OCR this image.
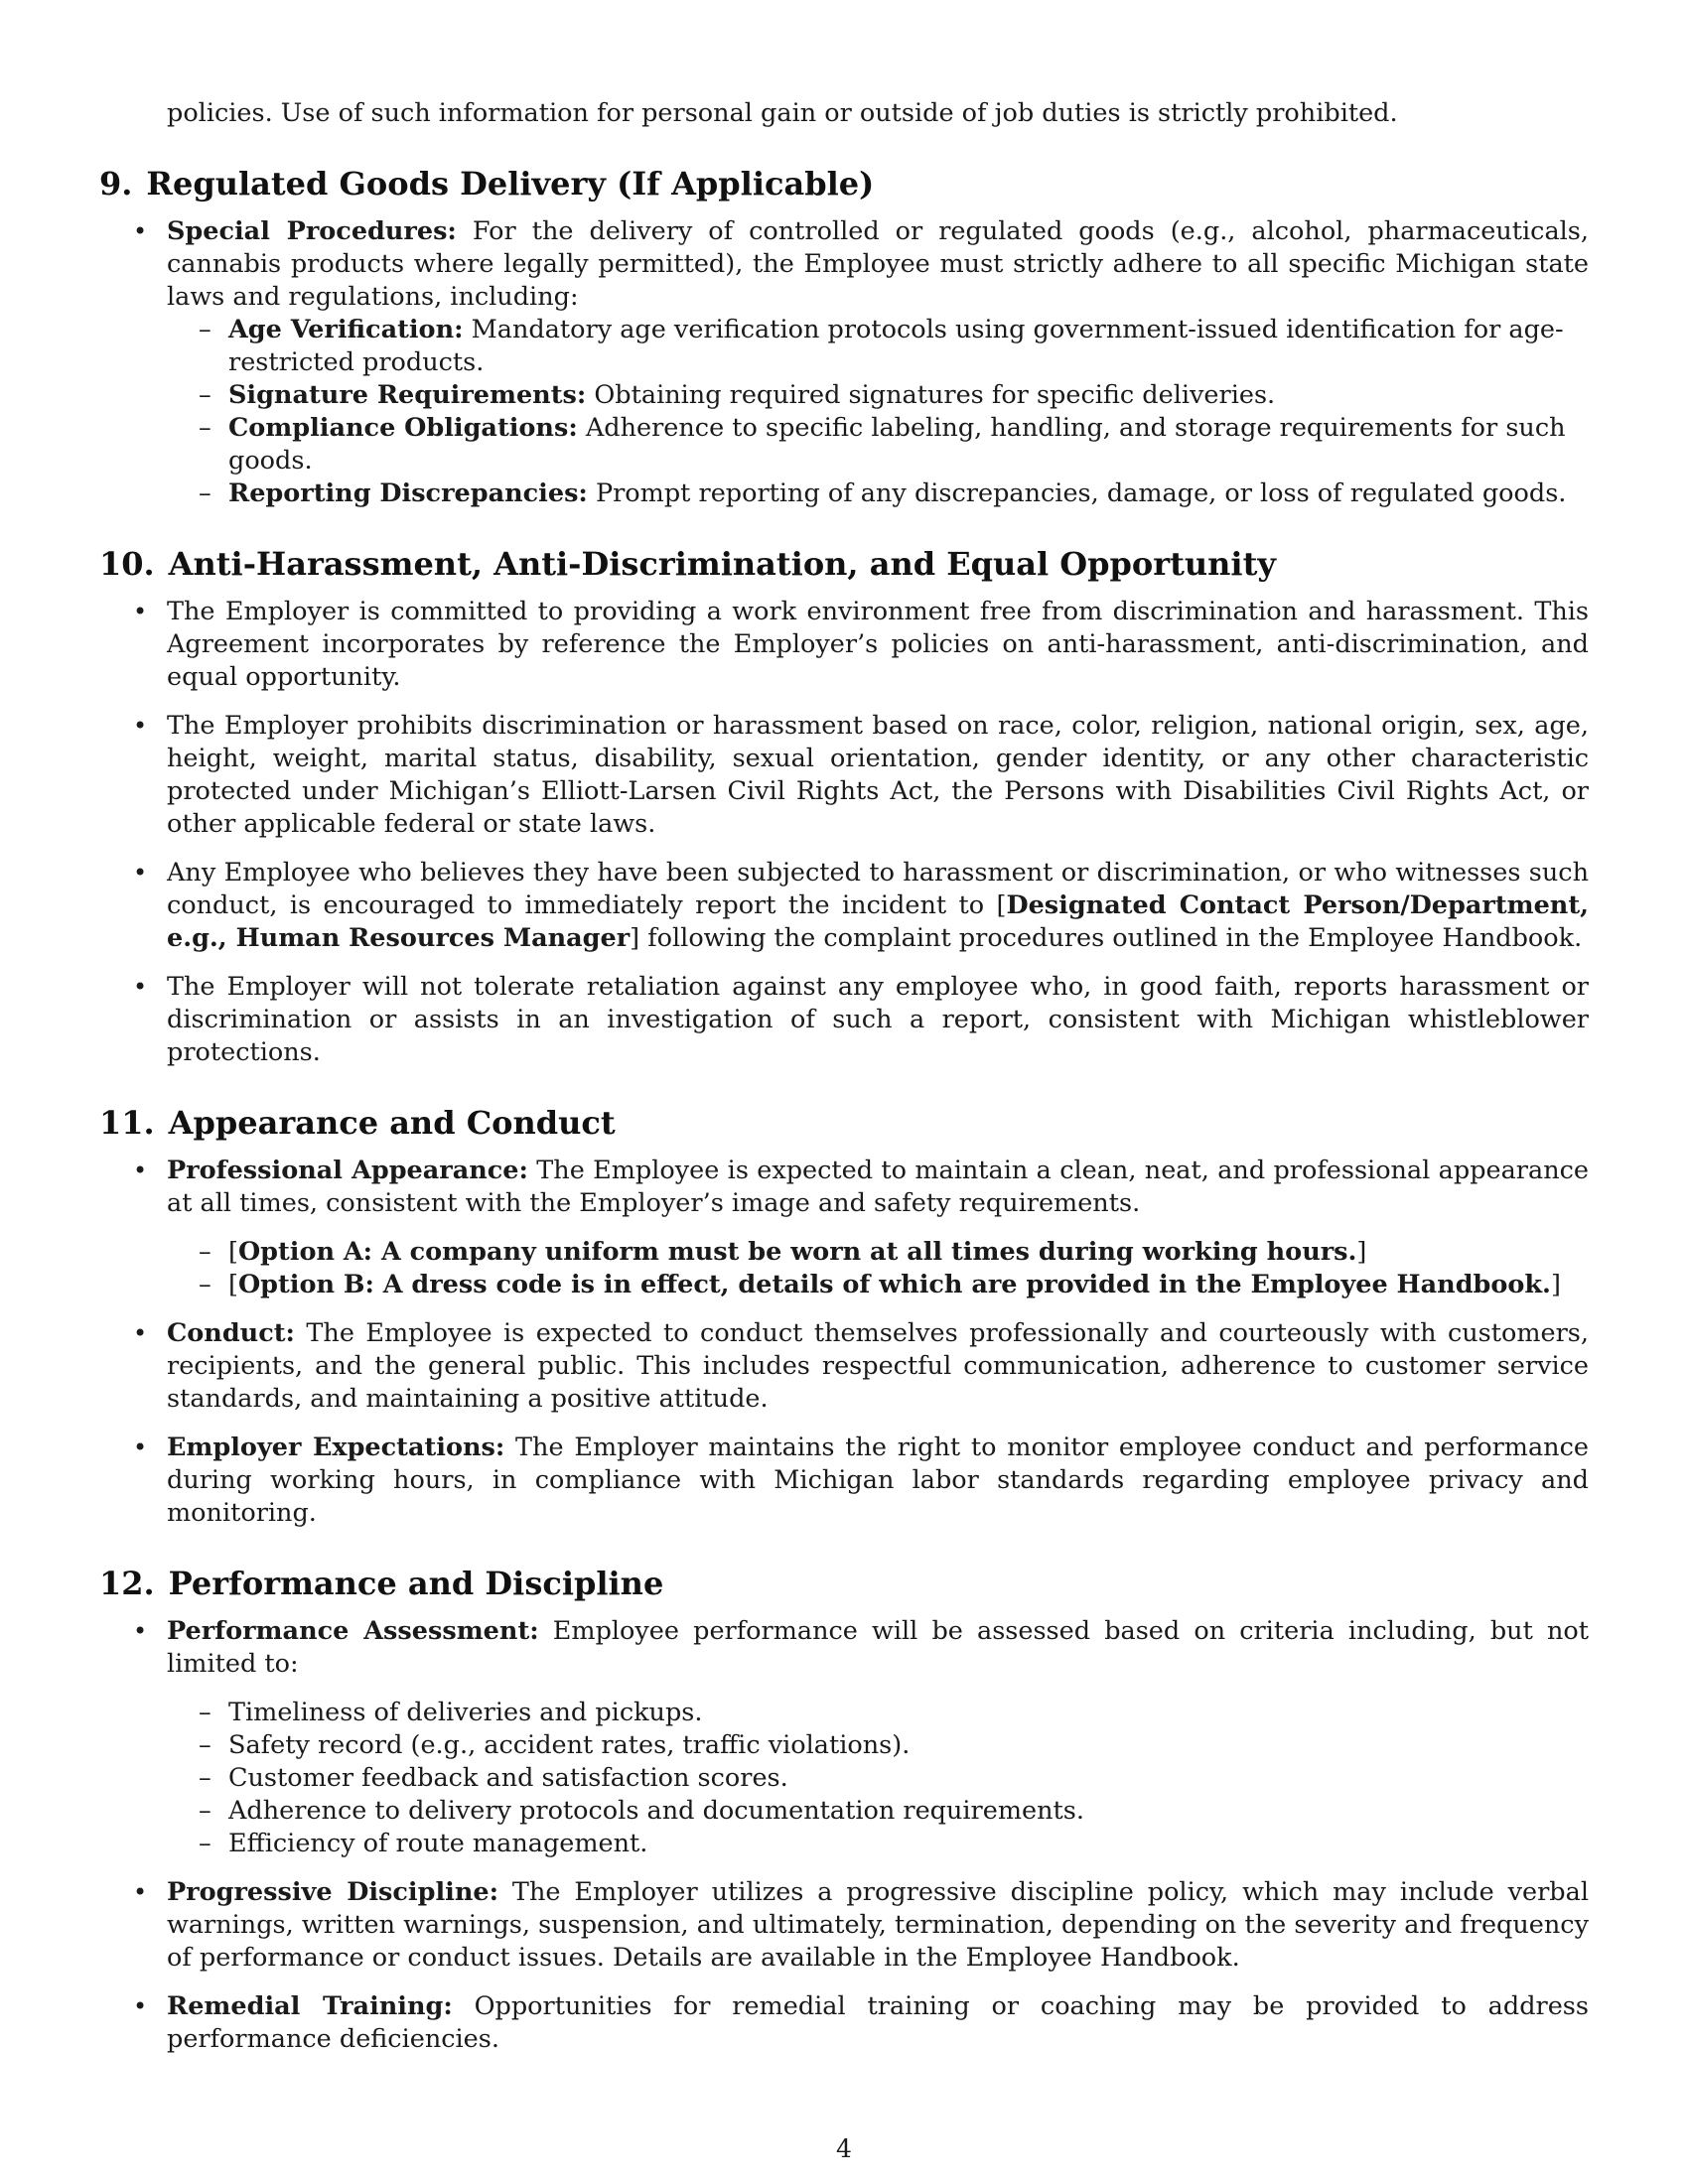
policies. Use of such information for personal gain or outside of job duties is strictly prohibited.

9. Regulated Goods Delivery (If Applicable)
• Special Procedures: For the delivery of controlled or regulated goods (e.g., alcohol, pharmaceuticals, cannabis products where legally permitted), the Employee must strictly adhere to all specific Michigan state laws and regulations, including:
– Age Verification: Mandatory age verification protocols using government-issued identification for age-restricted products.
– Signature Requirements: Obtaining required signatures for specific deliveries.
– Compliance Obligations: Adherence to specific labeling, handling, and storage requirements for such goods.
– Reporting Discrepancies: Prompt reporting of any discrepancies, damage, or loss of regulated goods.
10. Anti-Harassment, Anti-Discrimination, and Equal Opportunity
• The Employer is committed to providing a work environment free from discrimination and harassment. This Agreement incorporates by reference the Employer’s policies on anti-harassment, anti-discrimination, and equal opportunity.
• The Employer prohibits discrimination or harassment based on race, color, religion, national origin, sex, age, height, weight, marital status, disability, sexual orientation, gender identity, or any other characteristic protected under Michigan’s Elliott-Larsen Civil Rights Act, the Persons with Disabilities Civil Rights Act, or other applicable federal or state laws.
• Any Employee who believes they have been subjected to harassment or discrimination, or who witnesses such conduct, is encouraged to immediately report the incident to [Designated Contact Person/Department, e.g., Human Resources Manager] following the complaint procedures outlined in the Employee Handbook.
• The Employer will not tolerate retaliation against any employee who, in good faith, reports harassment or discrimination or assists in an investigation of such a report, consistent with Michigan whistleblower protections.
11. Appearance and Conduct
• Professional Appearance: The Employee is expected to maintain a clean, neat, and professional appearance at all times, consistent with the Employer’s image and safety requirements.
– [Option A: A company uniform must be worn at all times during working hours.]
– [Option B: A dress code is in effect, details of which are provided in the Employee Handbook.]
• Conduct: The Employee is expected to conduct themselves professionally and courteously with customers, recipients, and the general public. This includes respectful communication, adherence to customer service standards, and maintaining a positive attitude.
• Employer Expectations: The Employer maintains the right to monitor employee conduct and performance during working hours, in compliance with Michigan labor standards regarding employee privacy and monitoring.
12. Performance and Discipline
• Performance Assessment: Employee performance will be assessed based on criteria including, but not limited to:
– Timeliness of deliveries and pickups.
– Safety record (e.g., accident rates, traffic violations).
– Customer feedback and satisfaction scores.
– Adherence to delivery protocols and documentation requirements.
– Efficiency of route management.
• Progressive Discipline: The Employer utilizes a progressive discipline policy, which may include verbal warnings, written warnings, suspension, and ultimately, termination, depending on the severity and frequency of performance or conduct issues. Details are available in the Employee Handbook.
• Remedial Training: Opportunities for remedial training or coaching may be provided to address performance deficiencies.
4
